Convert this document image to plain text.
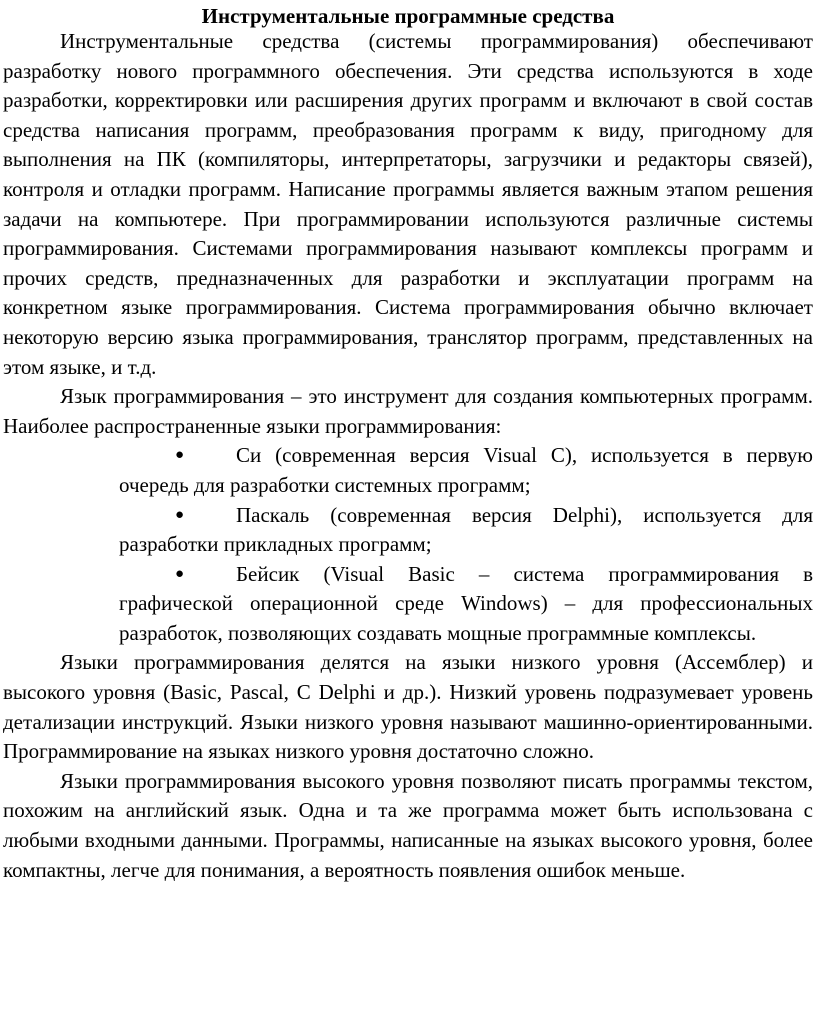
Инструментальные программные средства

Инструментальные средства (системы программирования) обеспечивают разработку нового программного обеспечения. Эти средства используются в ходе разработки, корректировки или расширения других программ и включают в свой состав средства написания программ, преобразования программ к виду, пригодному для выполнения на ПК (компиляторы, интерпретаторы, загрузчики и редакторы связей), контроля и отладки программ. Написание программы является важным этапом решения задачи на компьютере. При программировании используются различные системы программирования. Системами программирования называют комплексы программ и прочих средств, предназначенных для разработки и эксплуатации программ на конкретном языке программирования. Система программирования обычно включает некоторую версию языка программирования, транслятор программ, представленных на этом языке, и т.д.

Язык программирования – это инструмент для создания компьютерных программ. Наиболее распространенные языки программирования:

● Си (современная версия Visual C), используется в первую очередь для разработки системных программ;
● Паскаль (современная версия Delphi), используется для разработки прикладных программ;
● Бейсик (Visual Basic – система программирования в графической операционной среде Windows) – для профессиональных разработок, позволяющих создавать мощные программные комплексы.

Языки программирования делятся на языки низкого уровня (Ассемблер) и высокого уровня (Basic, Pascal, C Delphi и др.). Низкий уровень подразумевает уровень детализации инструкций. Языки низкого уровня называют машинно-ориентированными. Программирование на языках низкого уровня достаточно сложно.

Языки программирования высокого уровня позволяют писать программы текстом, похожим на английский язык. Одна и та же программа может быть использована с любыми входными данными. Программы, написанные на языках высокого уровня, более компактны, легче для понимания, а вероятность появления ошибок меньше.
